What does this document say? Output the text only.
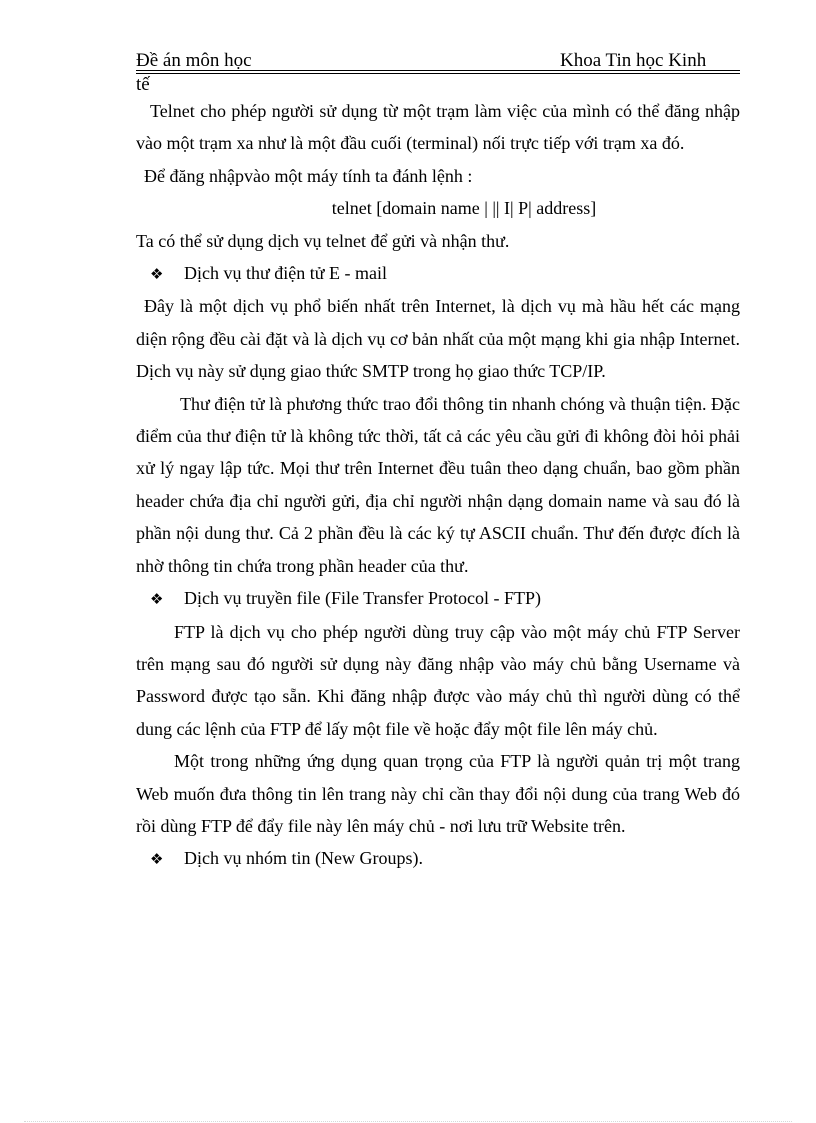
Đề án môn học	Khoa Tin học Kinh
tế

Telnet cho phép người sử dụng từ một trạm làm việc của mình có thể đăng nhập vào một trạm xa như là một đầu cuối (terminal) nối trực tiếp với trạm xa đó.

Để đăng nhậpvào một máy tính ta đánh lệnh :

telnet [domain name | || I| P| address]

Ta có thể sử dụng dịch vụ telnet để gửi và nhận thư.

❖ Dịch vụ thư điện tử E - mail

Đây là một dịch vụ phổ biến nhất trên Internet, là dịch vụ mà hầu hết các mạng diện rộng đều cài đặt và là dịch vụ cơ bản nhất của một mạng khi gia nhập Internet. Dịch vụ này sử dụng giao thức SMTP trong họ giao thức TCP/IP.

Thư điện tử là phương thức trao đổi thông tin nhanh chóng và thuận tiện. Đặc điểm của thư điện tử là không tức thời, tất cả các yêu cầu gửi đi không đòi hỏi phải xử lý ngay lập tức. Mọi thư trên Internet đều tuân theo dạng chuẩn, bao gồm phần header chứa địa chỉ người gửi, địa chỉ người nhận dạng domain name và sau đó là phần nội dung thư. Cả 2 phần đều là các ký tự ASCII chuẩn. Thư đến được đích là nhờ thông tin chứa trong phần header của thư.

❖ Dịch vụ truyền file (File Transfer Protocol - FTP)

FTP là dịch vụ cho phép người dùng truy cập vào một máy chủ FTP Server trên mạng sau đó người sử dụng này đăng nhập vào máy chủ bằng Username và Password được tạo sẵn. Khi đăng nhập được vào máy chủ thì người dùng có thể dung các lệnh của FTP để lấy một file về hoặc đẩy một file lên máy chủ.

Một trong những ứng dụng quan trọng của FTP là người quản trị một trang Web muốn đưa thông tin lên trang này chỉ cần thay đổi nội dung của trang Web đó rồi dùng FTP để đẩy file này lên máy chủ - nơi lưu trữ Website trên.

❖ Dịch vụ nhóm tin (New Groups).
